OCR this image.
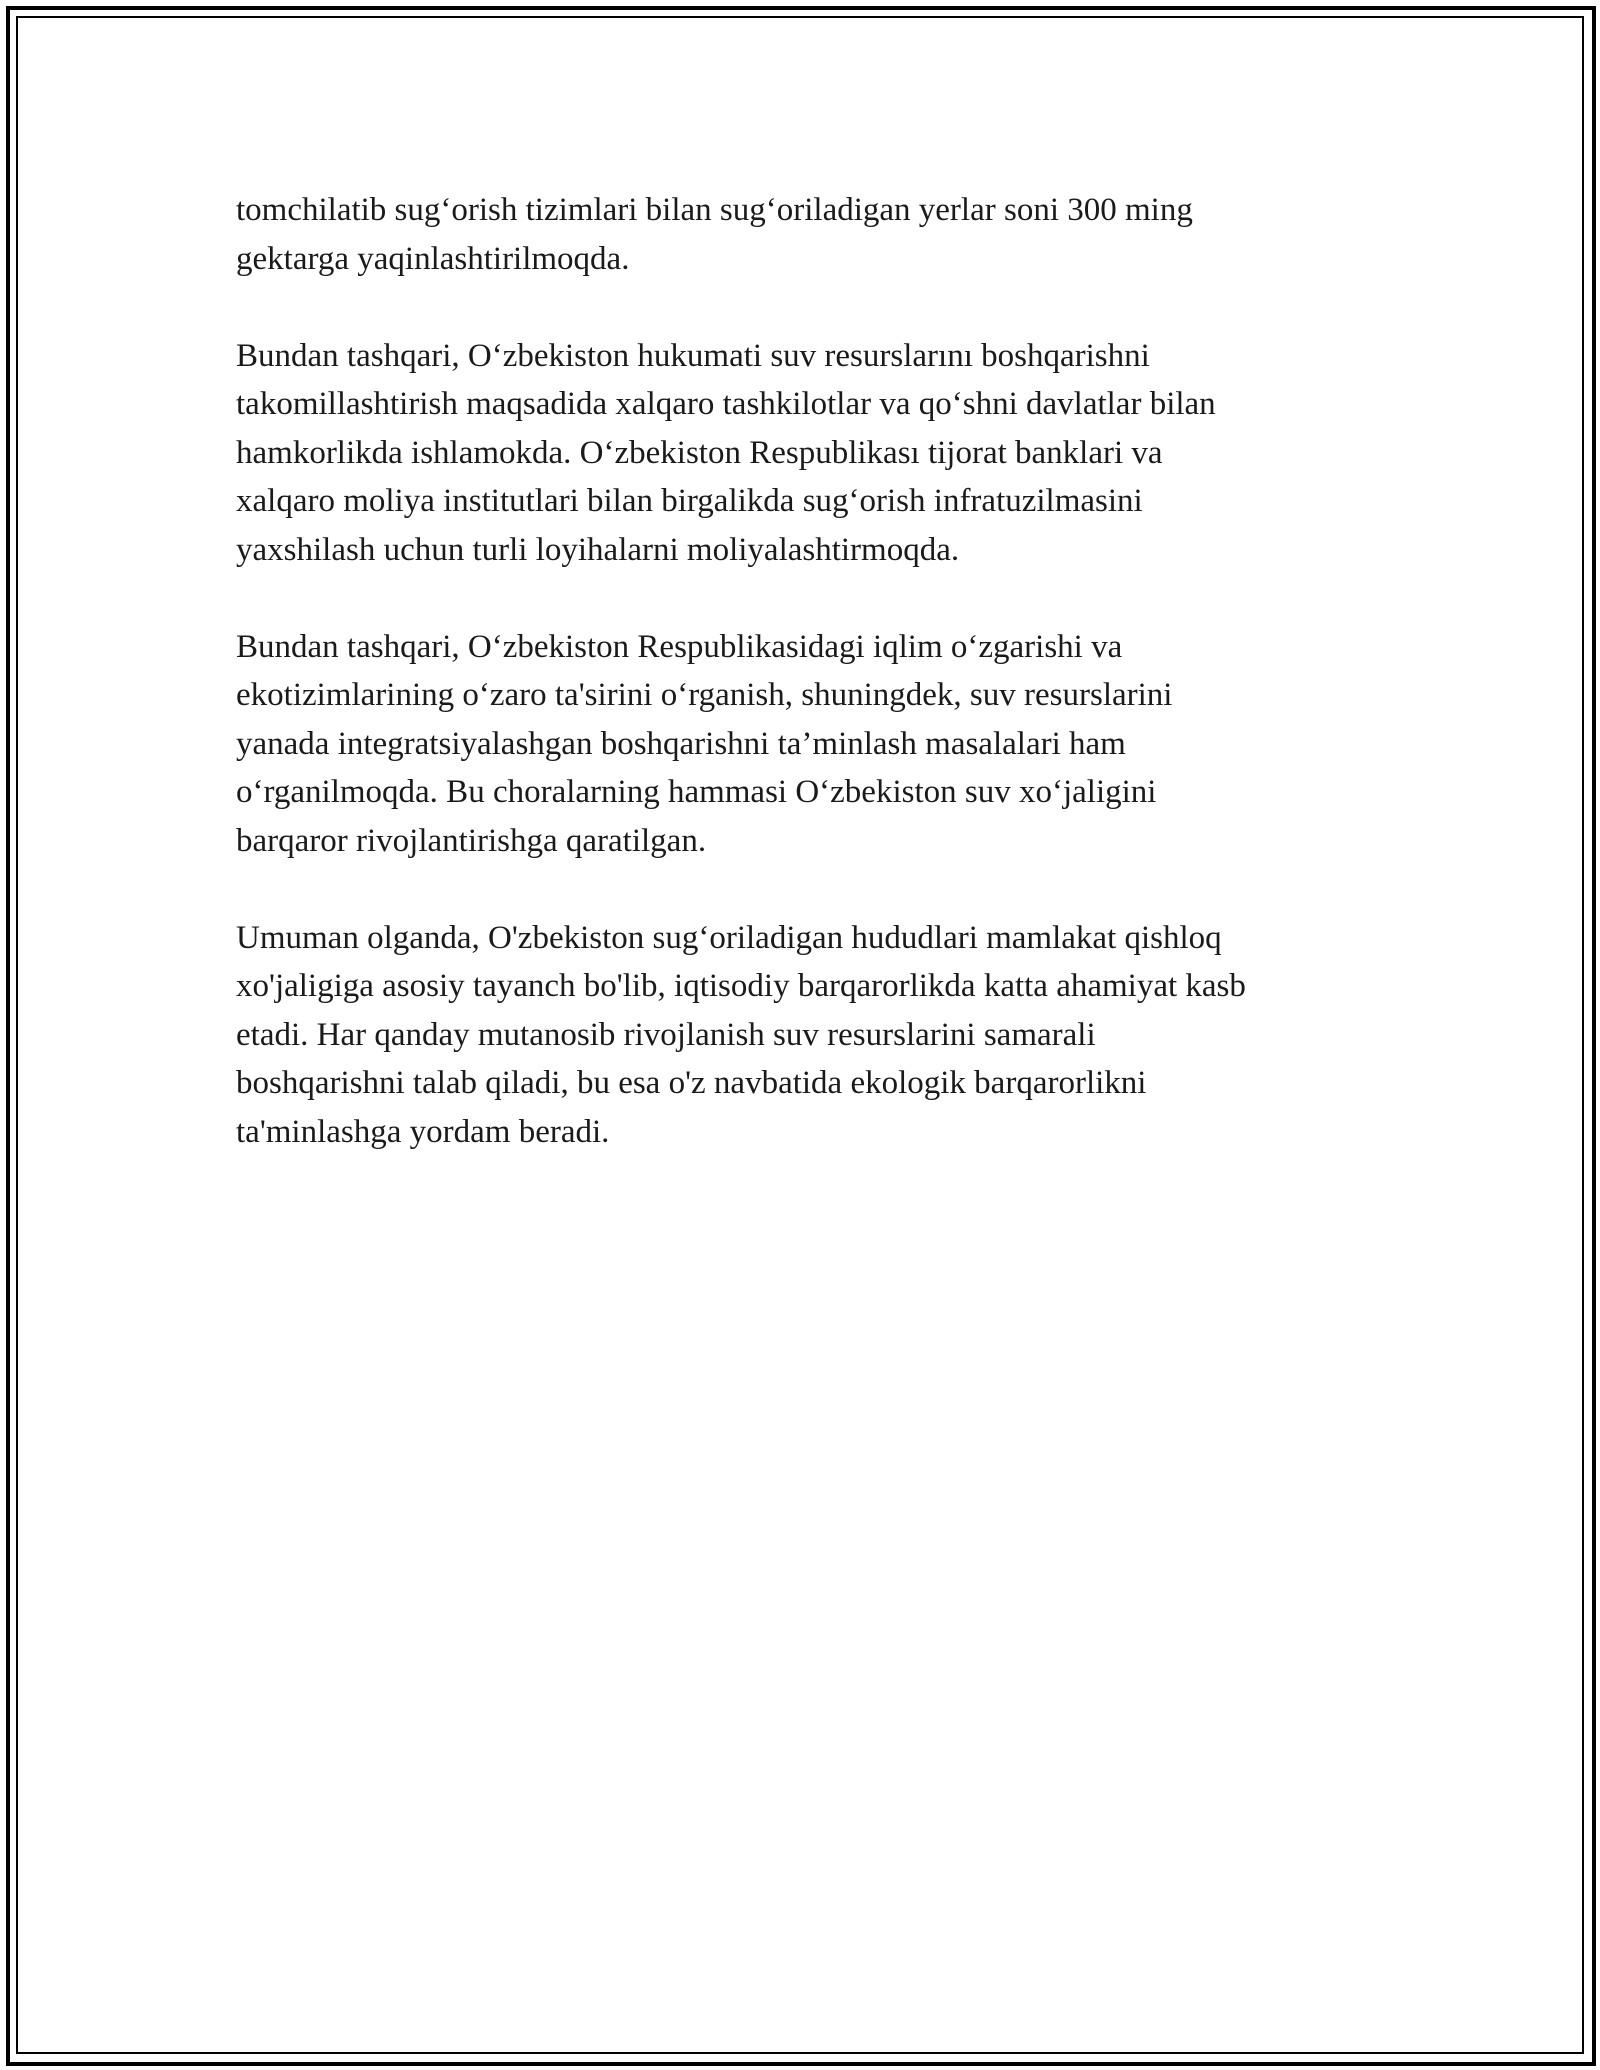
tomchilatib sug‘orish tizimlari bilan sug‘oriladigan yerlar soni 300 ming
gektarga yaqinlashtirilmoqda.

Bundan tashqari, O‘zbekiston hukumati suv resurslarını boshqarishni
takomillashtirish maqsadida xalqaro tashkilotlar va qo‘shni davlatlar bilan
hamkorlikda ishlamokda. O‘zbekiston Respublikası tijorat banklari va
xalqaro moliya institutlari bilan birgalikda sug‘orish infratuzilmasini
yaxshilash uchun turli loyihalarni moliyalashtirmoqda.

Bundan tashqari, O‘zbekiston Respublikasidagi iqlim o‘zgarishi va
ekotizimlarining o‘zaro ta'sirini o‘rganish, shuningdek, suv resurslarini
yanada integratsiyalashgan boshqarishni ta’minlash masalalari ham
o‘rganilmoqda. Bu choralarning hammasi O‘zbekiston suv xo‘jaligini
barqaror rivojlantirishga qaratilgan.

Umuman olganda, O'zbekiston sug‘oriladigan hududlari mamlakat qishloq
xo'jaligiga asosiy tayanch bo'lib, iqtisodiy barqarorlikda katta ahamiyat kasb
etadi. Har qanday mutanosib rivojlanish suv resurslarini samarali
boshqarishni talab qiladi, bu esa o'z navbatida ekologik barqarorlikni
ta'minlashga yordam beradi.
